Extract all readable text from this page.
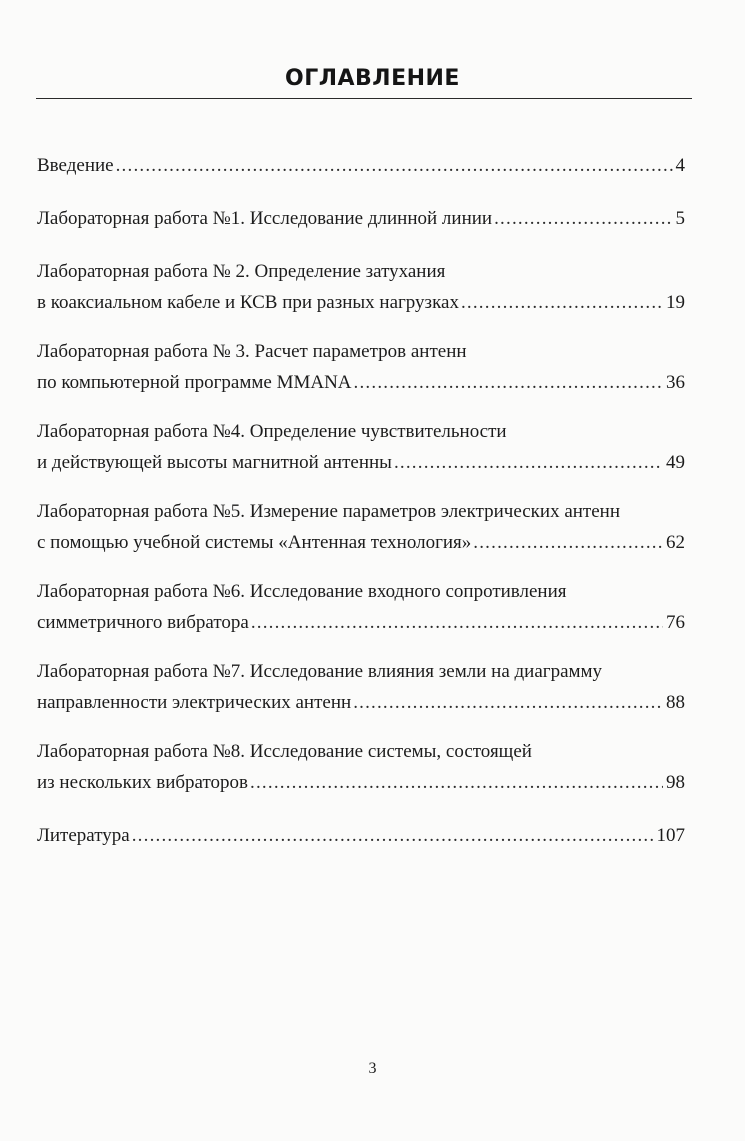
ОГЛАВЛЕНИЕ
Введение .....	4
Лабораторная работа №1. Исследование длинной линии .....	5
Лабораторная работа № 2. Определение затухания
в коаксиальном кабеле и КСВ при разных нагрузках .....	19
Лабораторная работа № 3. Расчет параметров антенн
по компьютерной программе MMANA .....	36
Лабораторная работа №4. Определение чувствительности
и действующей высоты магнитной антенны .....	49
Лабораторная работа №5. Измерение параметров электрических антенн
с помощью учебной системы «Антенная технология» .....	62
Лабораторная работа №6. Исследование входного сопротивления
симметричного вибратора .....	76
Лабораторная работа №7. Исследование влияния земли на диаграмму
направленности электрических антенн .....	88
Лабораторная работа №8. Исследование системы, состоящей
из нескольких вибраторов .....	98
Литература .....	107
3
